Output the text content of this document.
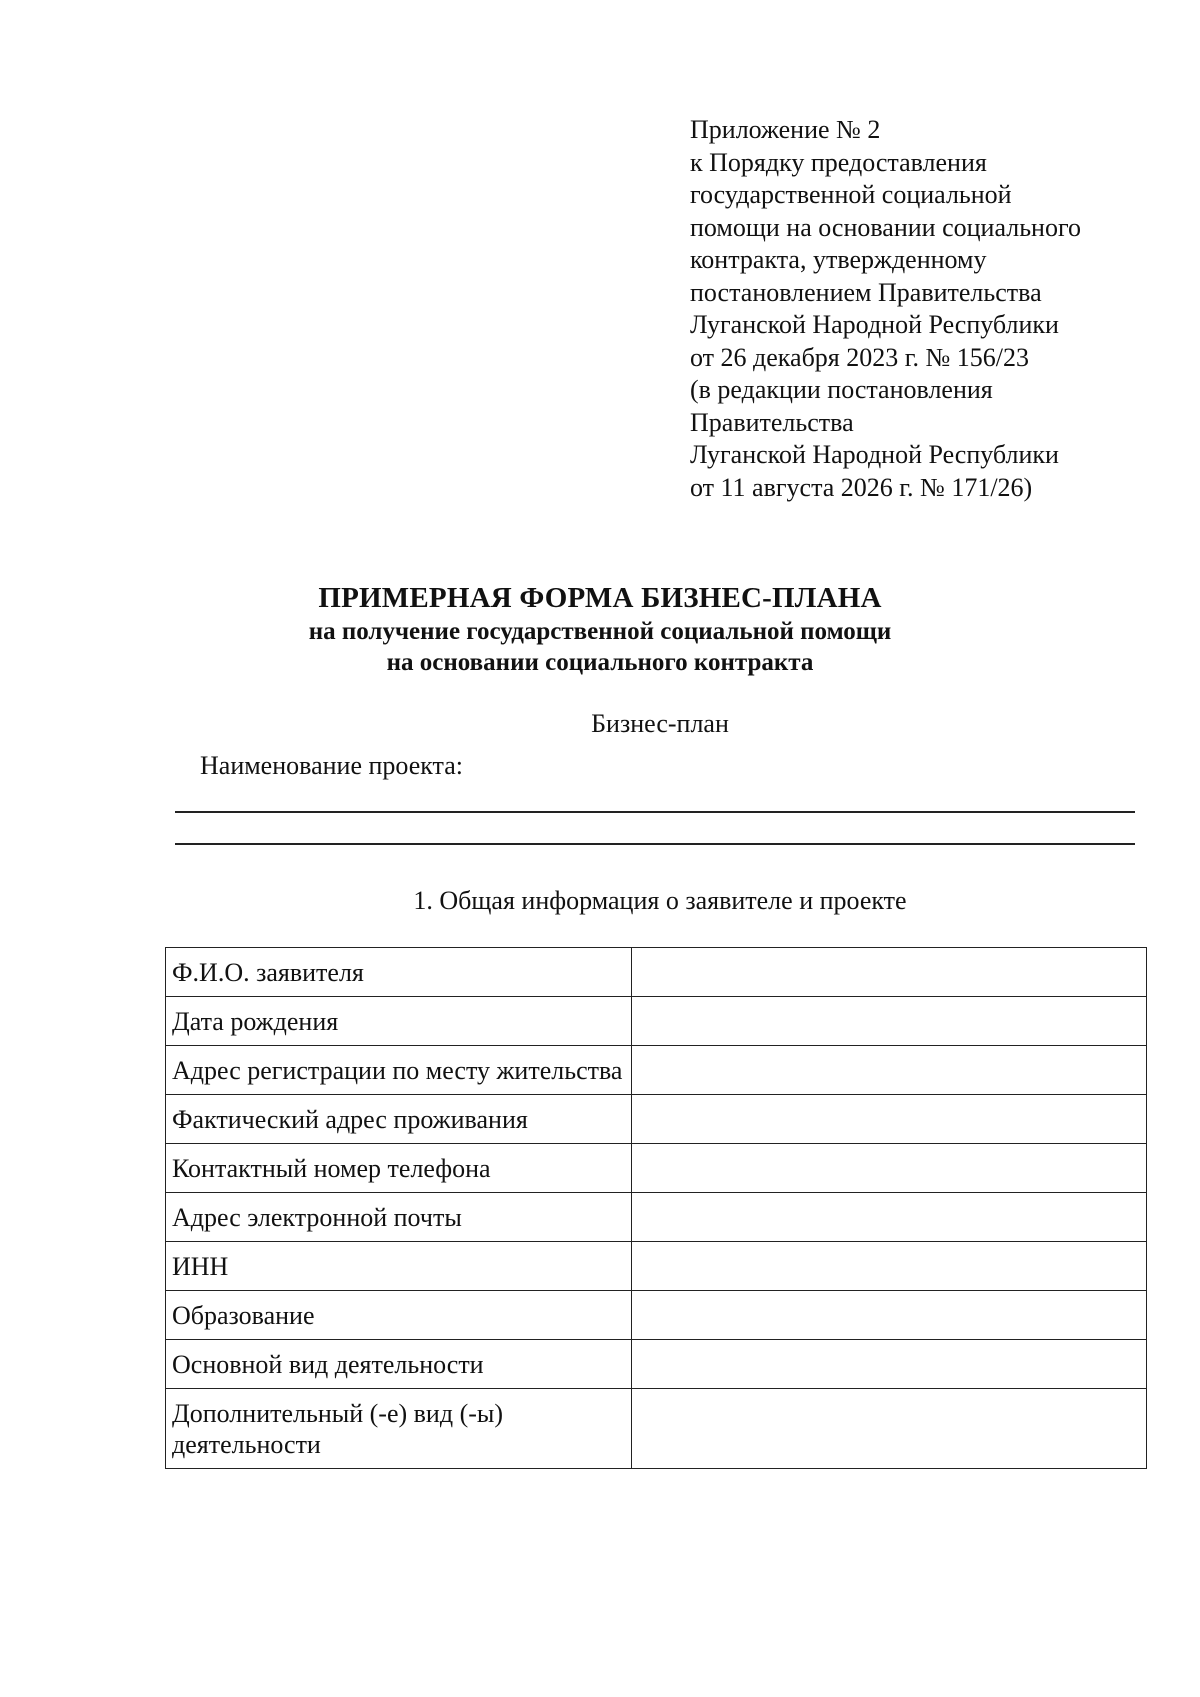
Приложение № 2
к Порядку предоставления
государственной социальной
помощи на основании социального
контракта, утвержденному
постановлением Правительства
Луганской Народной Республики
от 26 декабря 2023 г. № 156/23
(в редакции постановления
Правительства
Луганской Народной Республики
от 11 августа 2026 г. № 171/26)
ПРИМЕРНАЯ ФОРМА БИЗНЕС-ПЛАНА
на получение государственной социальной помощи
на основании социального контракта
Бизнес-план
Наименование проекта:
1. Общая информация о заявителе и проекте
Ф.И.О. заявителя	
Дата рождения	
Адрес регистрации по месту жительства	
Фактический адрес проживания	
Контактный номер телефона	
Адрес электронной почты	
ИНН	
Образование	
Основной вид деятельности	
Дополнительный (-е) вид (-ы) деятельности	
